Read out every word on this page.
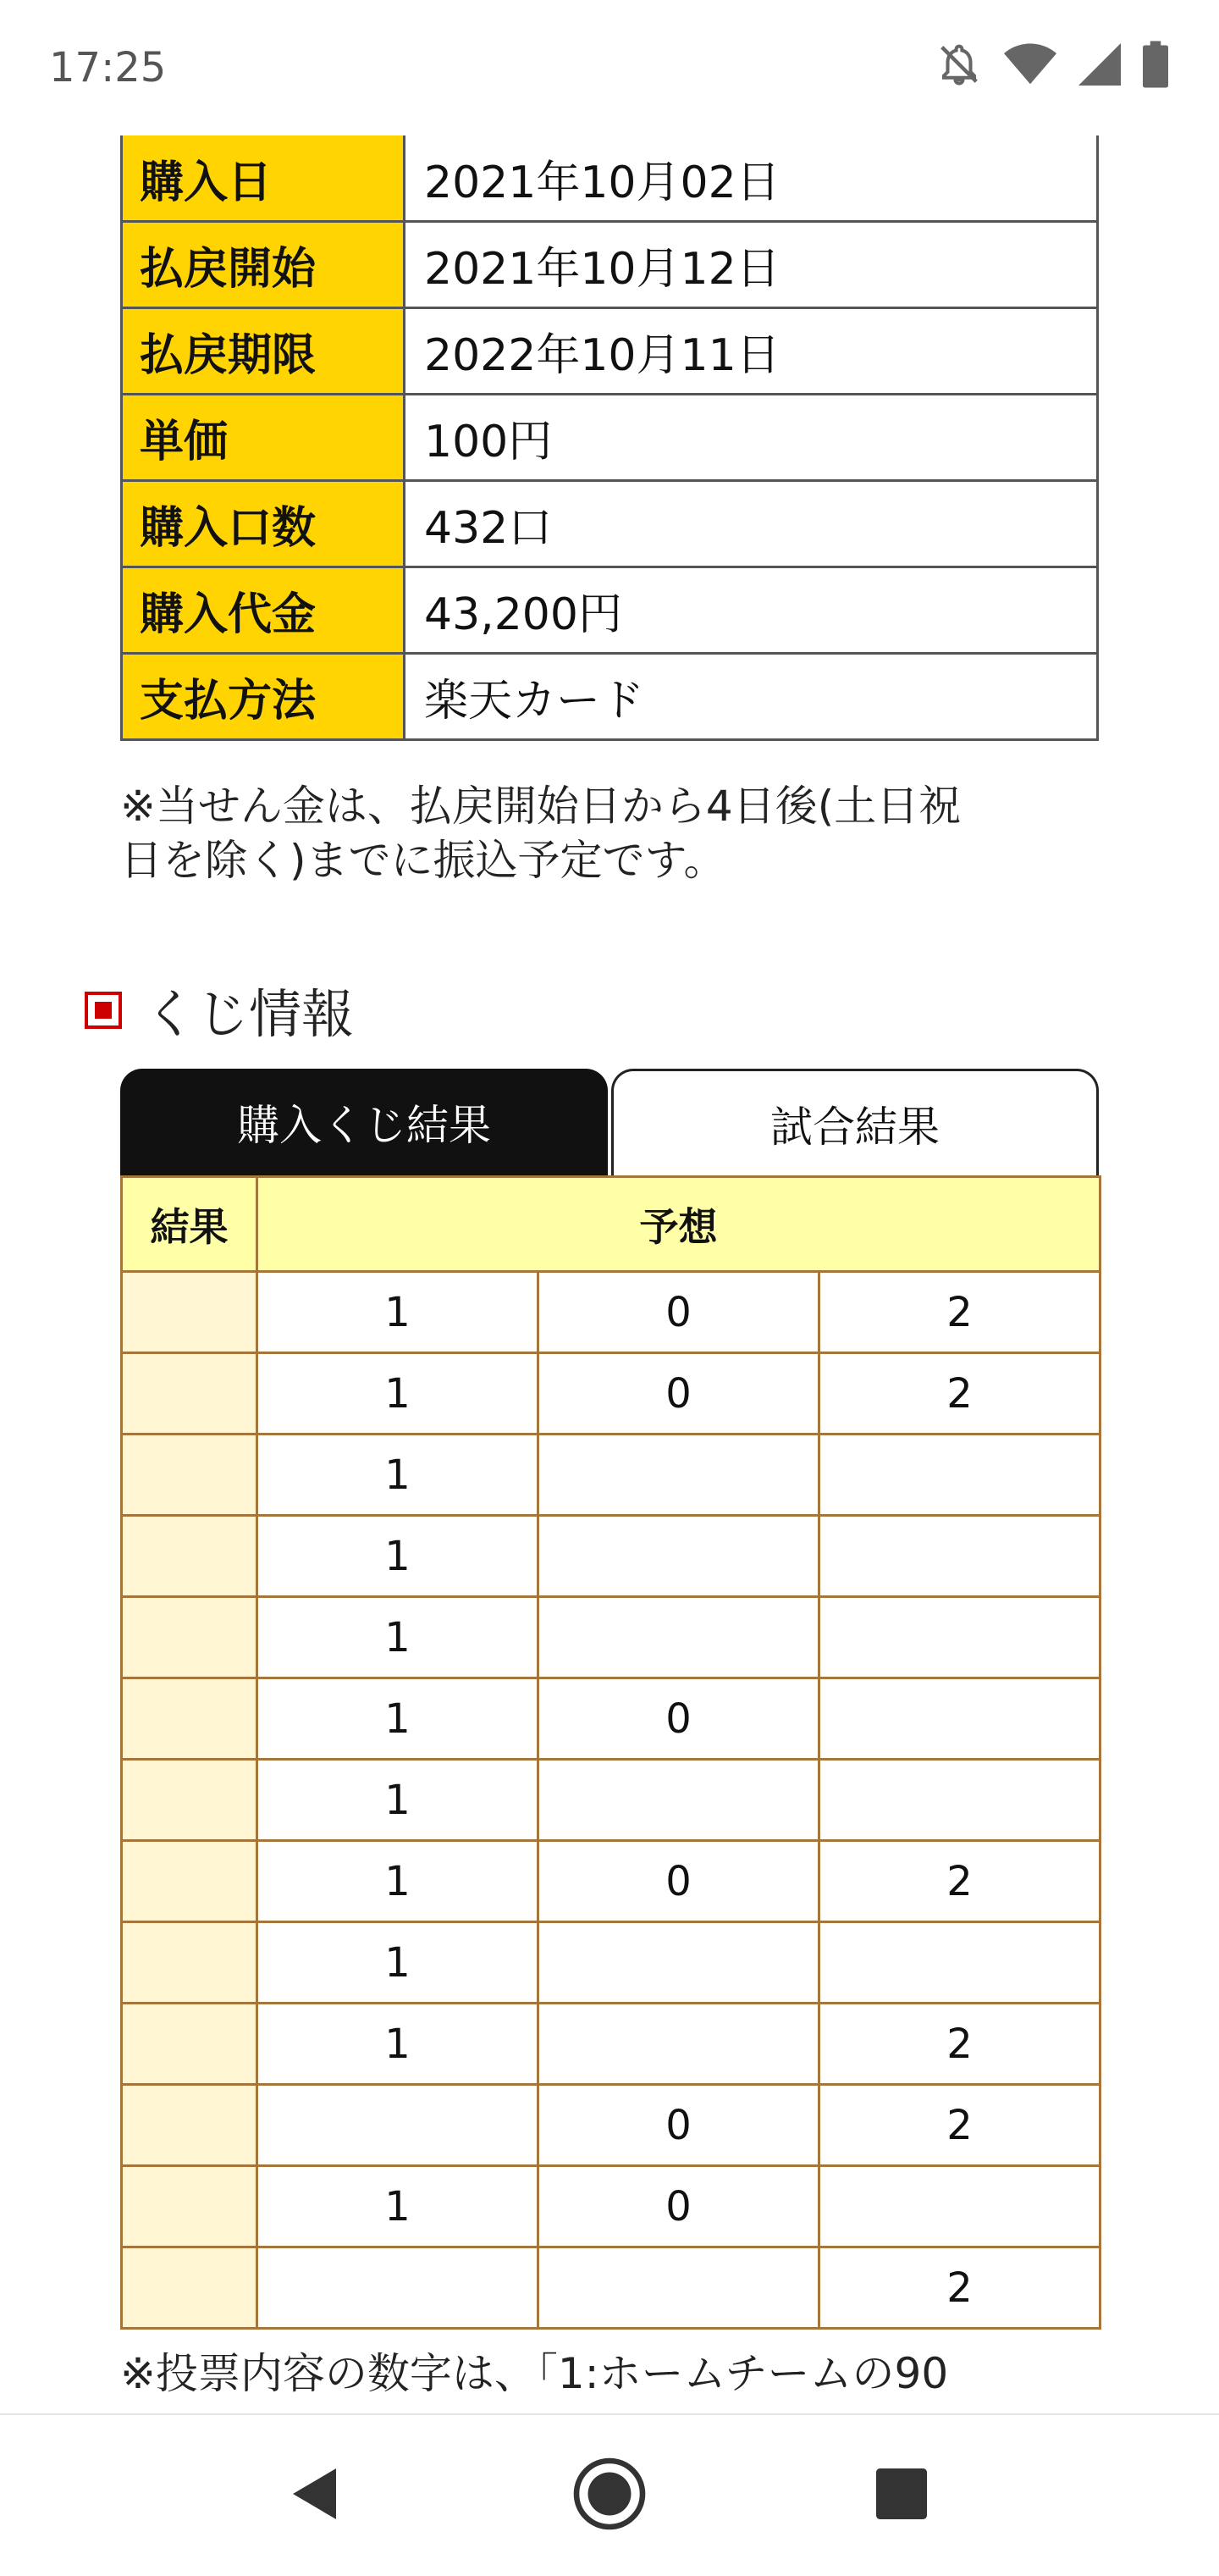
17:25
購入日	2021年10月02日
払戻開始	2021年10月12日
払戻期限	2022年10月11日
単価	100円
購入口数	432口
購入代金	43,200円
支払方法	楽天カード
※当せん金は、払戻開始日から4日後(土日祝
日を除く)までに振込予定です。
くじ情報
購入くじ結果	試合結果
結果	予想		
	1	0	2
	1	0	2
	1		
	1		
	1		
	1	0	
	1		
	1	0	2
	1		
	1		2
		0	2
	1	0	
			2
※投票内容の数字は、「1:ホームチームの90
